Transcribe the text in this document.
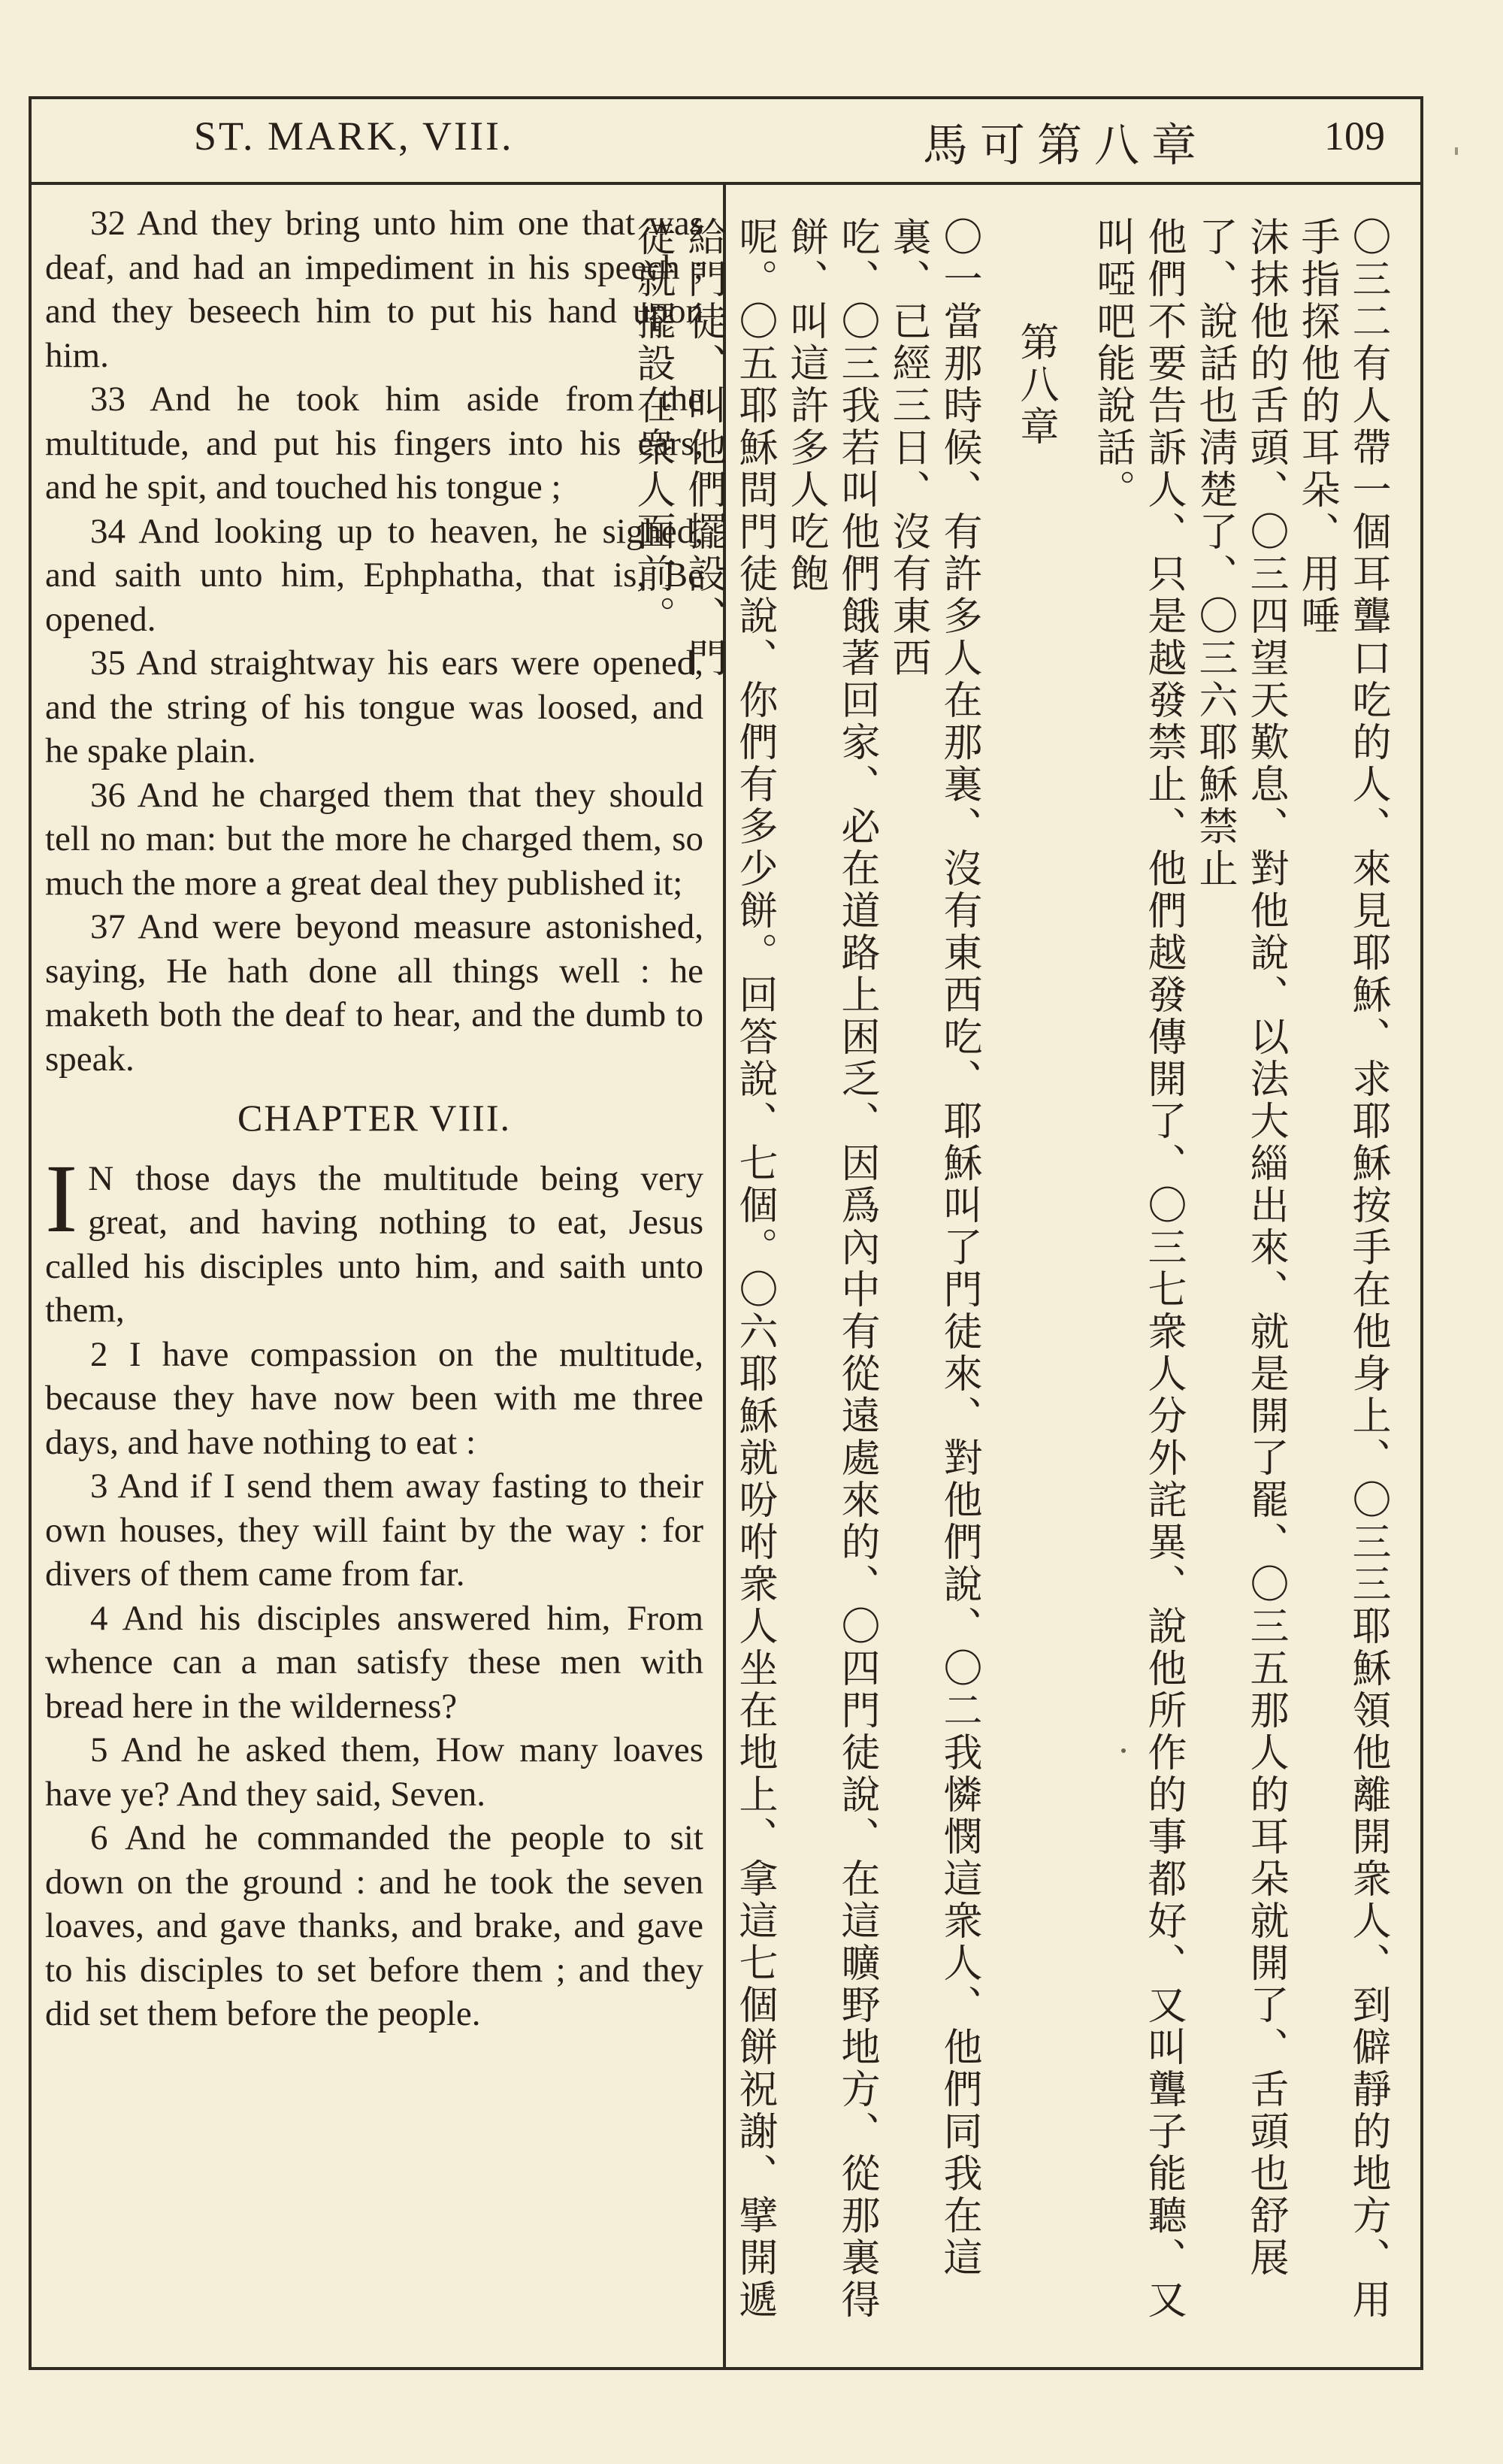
ST. MARK, VIII.	馬可第八章	109

32 And they bring unto him one that was deaf, and had an impediment in his speech ; and they beseech him to put his hand upon him.

33 And he took him aside from the multitude, and put his fingers into his ears, and he spit, and touched his tongue ;

34 And looking up to heaven, he sighed, and saith unto him, Ephphatha, that is, Be opened.

35 And straightway his ears were opened, and the string of his tongue was loosed, and he spake plain.

36 And he charged them that they should tell no man: but the more he charged them, so much the more a great deal they published it;

37 And were beyond measure astonished, saying, He hath done all things well : he maketh both the deaf to hear, and the dumb to speak.

CHAPTER VIII.

I N those days the multitude being very great, and having nothing to eat, Jesus called his disciples unto him, and saith unto them,

2 I have compassion on the multitude, because they have now been with me three days, and have nothing to eat :

3 And if I send them away fasting to their own houses, they will faint by the way : for divers of them came from far.

4 And his disciples answered him, From whence can a man satisfy these men with bread here in the wilderness?

5 And he asked them, How many loaves have ye? And they said, Seven.

6 And he commanded the people to sit down on the ground : and he took the seven loaves, and gave thanks, and brake, and gave to his disciples to set before them ; and they did set them before the people.	〇三二有人帶一個耳聾口吃的人、來見耶穌、求耶穌按手在他身上、〇三三耶穌領他離開衆人、到僻靜的地方、用手指探他的耳朵、用唾

沫抹他的舌頭、〇三四望天歎息、對他說、以法大緇出來、就是開了罷、〇三五那人的耳朵就開了、舌頭也舒展了、說話也淸楚了、〇三六耶穌禁止

他們不要告訴人、只是越發禁止、他們越發傳開了、〇三七衆人分外詫異、說他所作的事都好、又叫聾子能聽、又叫啞吧能說話。

第八章

〇一當那時候、有許多人在那裏、沒有東西吃、耶穌叫了門徒來、對他們說、〇二我憐憫這衆人、他們同我在這裏、已經三日、沒有東西

吃、〇三我若叫他們餓著回家、必在道路上困乏、因爲內中有從遠處來的、〇四門徒說、在這曠野地方、從那裏得餅、叫這許多人吃飽

呢。〇五耶穌問門徒說、你們有多少餅。回答說、七個。〇六耶穌就吩咐衆人坐在地上、拿這七個餅祝謝、擘開遞給門徒、叫他們擺設、門

徒就擺設在衆人面前。
